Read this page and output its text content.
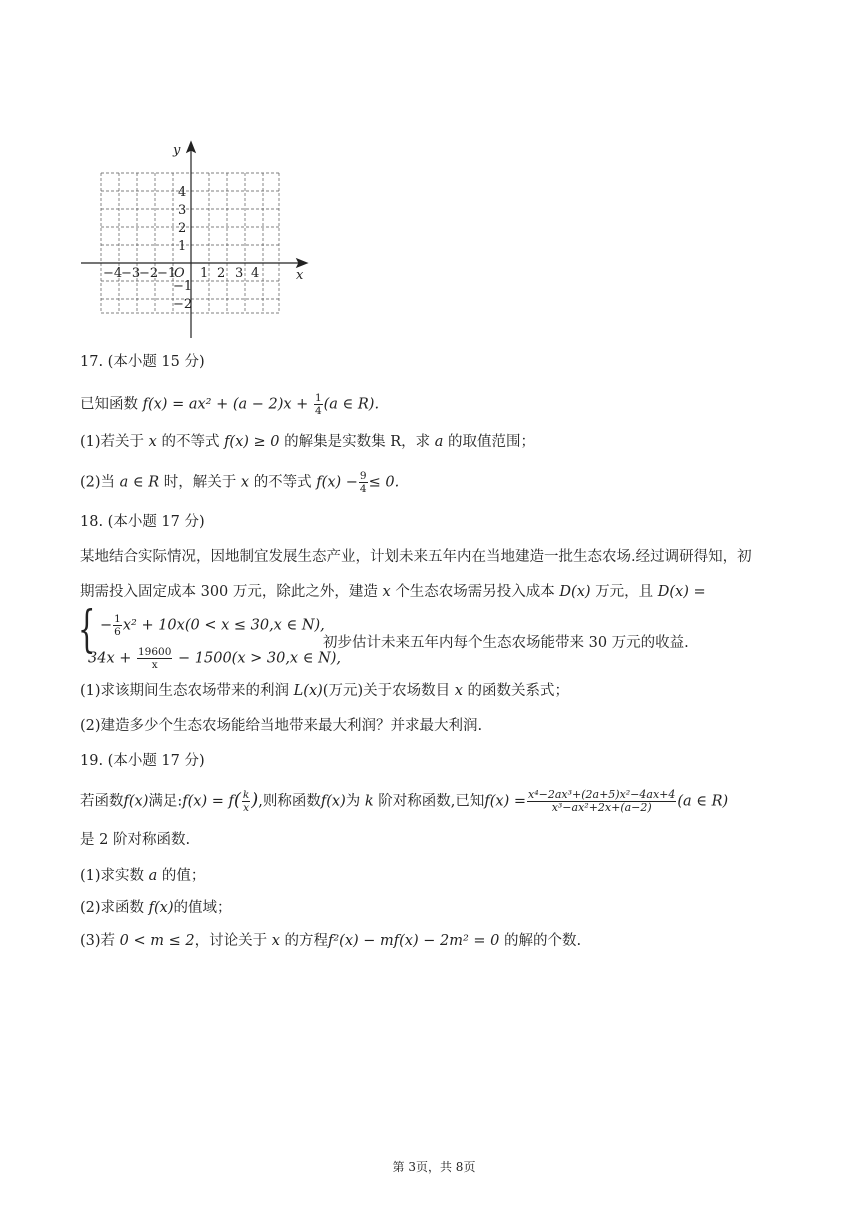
x
y
O
−4
−3
−2
−1 1 2 3 4
4
3
2
1
−1
−2
17. (本小题 15 分)
已知函数 $f(x) = ax^2 + (a - 2)x + \frac{1}{4} (a$ ∈ R).
(1)若关于 x 的不等式 f(x) ≥ 0 的解集是实数集 R，求 a 的取值范围；
(2)当 a ∈ R 时，解关于 x 的不等式 $f(x) - \frac{9}{4} \le 0$.
18. (本小题 17 分)
某地结合实际情况，因地制宜发展生态产业，计划未来五年内在当地建造一批生态农场.经过调研得知，初
期需投入固定成本 300 万元，除此之外，建造 x 个生态农场需另投入成本 D(x) 万元，且 D(x) =
{ − $\frac{1}{6} x^2 + 10x(0 < x \le 30,x$ ∈ N),
初步估计未来五年内每个生态农场能带来 30 万元的收益.
$34x + \frac{19600}{x} - 1500(x > 30,x$ ∈ N),
(1)求该期间生态农场带来的利润 L(x)(万元)关于农场数目 x 的函数关系式；
(2)建造多少个生态农场能给当地带来最大利润？并求最大利润.
19. (本小题 17 分)
若函数f(x)满足:f(x) = $f( \frac{k}{x}$ ),则称函数f(x)为 k 阶对称函数,已知$f(x) = \frac{\text{x⁴−2ax³+(2a+5)x²−4ax+4}}{\text{x³−ax²+2x+(a−2)}} (a$ ∈ R)
是 2 阶对称函数.
(1)求实数 a 的值；
(2)求函数 f(x)的值域；
(3)若 0 < m ≤ 2，讨论关于 x 的方程f²(x) − mf(x) − 2m² = 0 的解的个数.
第 3页，共 8页
